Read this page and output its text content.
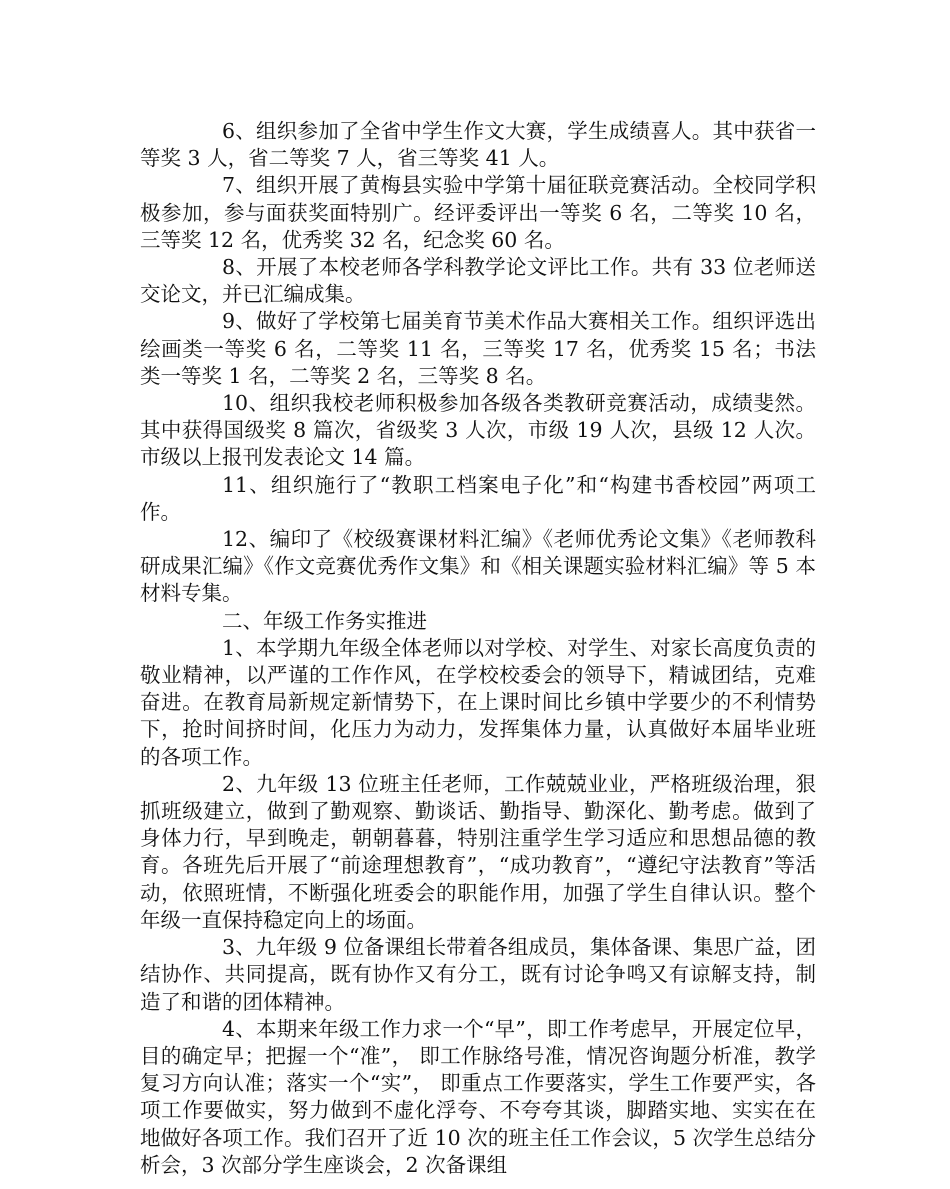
6、组织参加了全省中学生作文大赛，学生成绩喜人。其中获省一等奖 3 人，省二等奖 7 人，省三等奖 41 人。

7、组织开展了黄梅县实验中学第十届征联竞赛活动。全校同学积极参加，参与面获奖面特别广。经评委评出一等奖 6 名，二等奖 10 名，三等奖 12 名，优秀奖 32 名，纪念奖 60 名。

8、开展了本校老师各学科教学论文评比工作。共有 33 位老师送交论文，并已汇编成集。

9、做好了学校第七届美育节美术作品大赛相关工作。组织评选出绘画类一等奖 6 名，二等奖 11 名，三等奖 17 名，优秀奖 15 名；书法类一等奖 1 名，二等奖 2 名，三等奖 8 名。

10、组织我校老师积极参加各级各类教研竞赛活动，成绩斐然。其中获得国级奖 8 篇次，省级奖 3 人次，市级 19 人次，县级 12 人次。市级以上报刊发表论文 14 篇。

11、组织施行了“教职工档案电子化”和“构建书香校园”两项工作。

12、编印了《校级赛课材料汇编》《老师优秀论文集》《老师教科研成果汇编》《作文竞赛优秀作文集》和《相关课题实验材料汇编》等 5 本材料专集。

二、年级工作务实推进

1、本学期九年级全体老师以对学校、对学生、对家长高度负责的敬业精神，以严谨的工作作风，在学校校委会的领导下，精诚团结，克难奋进。在教育局新规定新情势下，在上课时间比乡镇中学要少的不利情势下，抢时间挤时间，化压力为动力，发挥集体力量，认真做好本届毕业班的各项工作。

2、九年级 13 位班主任老师，工作兢兢业业，严格班级治理，狠抓班级建立，做到了勤观察、勤谈话、勤指导、勤深化、勤考虑。做到了身体力行，早到晚走，朝朝暮暮，特别注重学生学习适应和思想品德的教育。各班先后开展了“前途理想教育”，“成功教育”，“遵纪守法教育”等活动，依照班情，不断强化班委会的职能作用，加强了学生自律认识。整个年级一直保持稳定向上的场面。

3、九年级 9 位备课组长带着各组成员，集体备课、集思广益，团结协作、共同提高，既有协作又有分工，既有讨论争鸣又有谅解支持，制造了和谐的团体精神。

4、本期来年级工作力求一个“早”，即工作考虑早，开展定位早，目的确定早；把握一个“准”， 即工作脉络号准，情况咨询题分析准，教学复习方向认准；落实一个“实”， 即重点工作要落实，学生工作要严实，各项工作要做实，努力做到不虚化浮夸、不夸夸其谈，脚踏实地、实实在在地做好各项工作。我们召开了近 10 次的班主任工作会议，5 次学生总结分析会，3 次部分学生座谈会，2 次备课组
